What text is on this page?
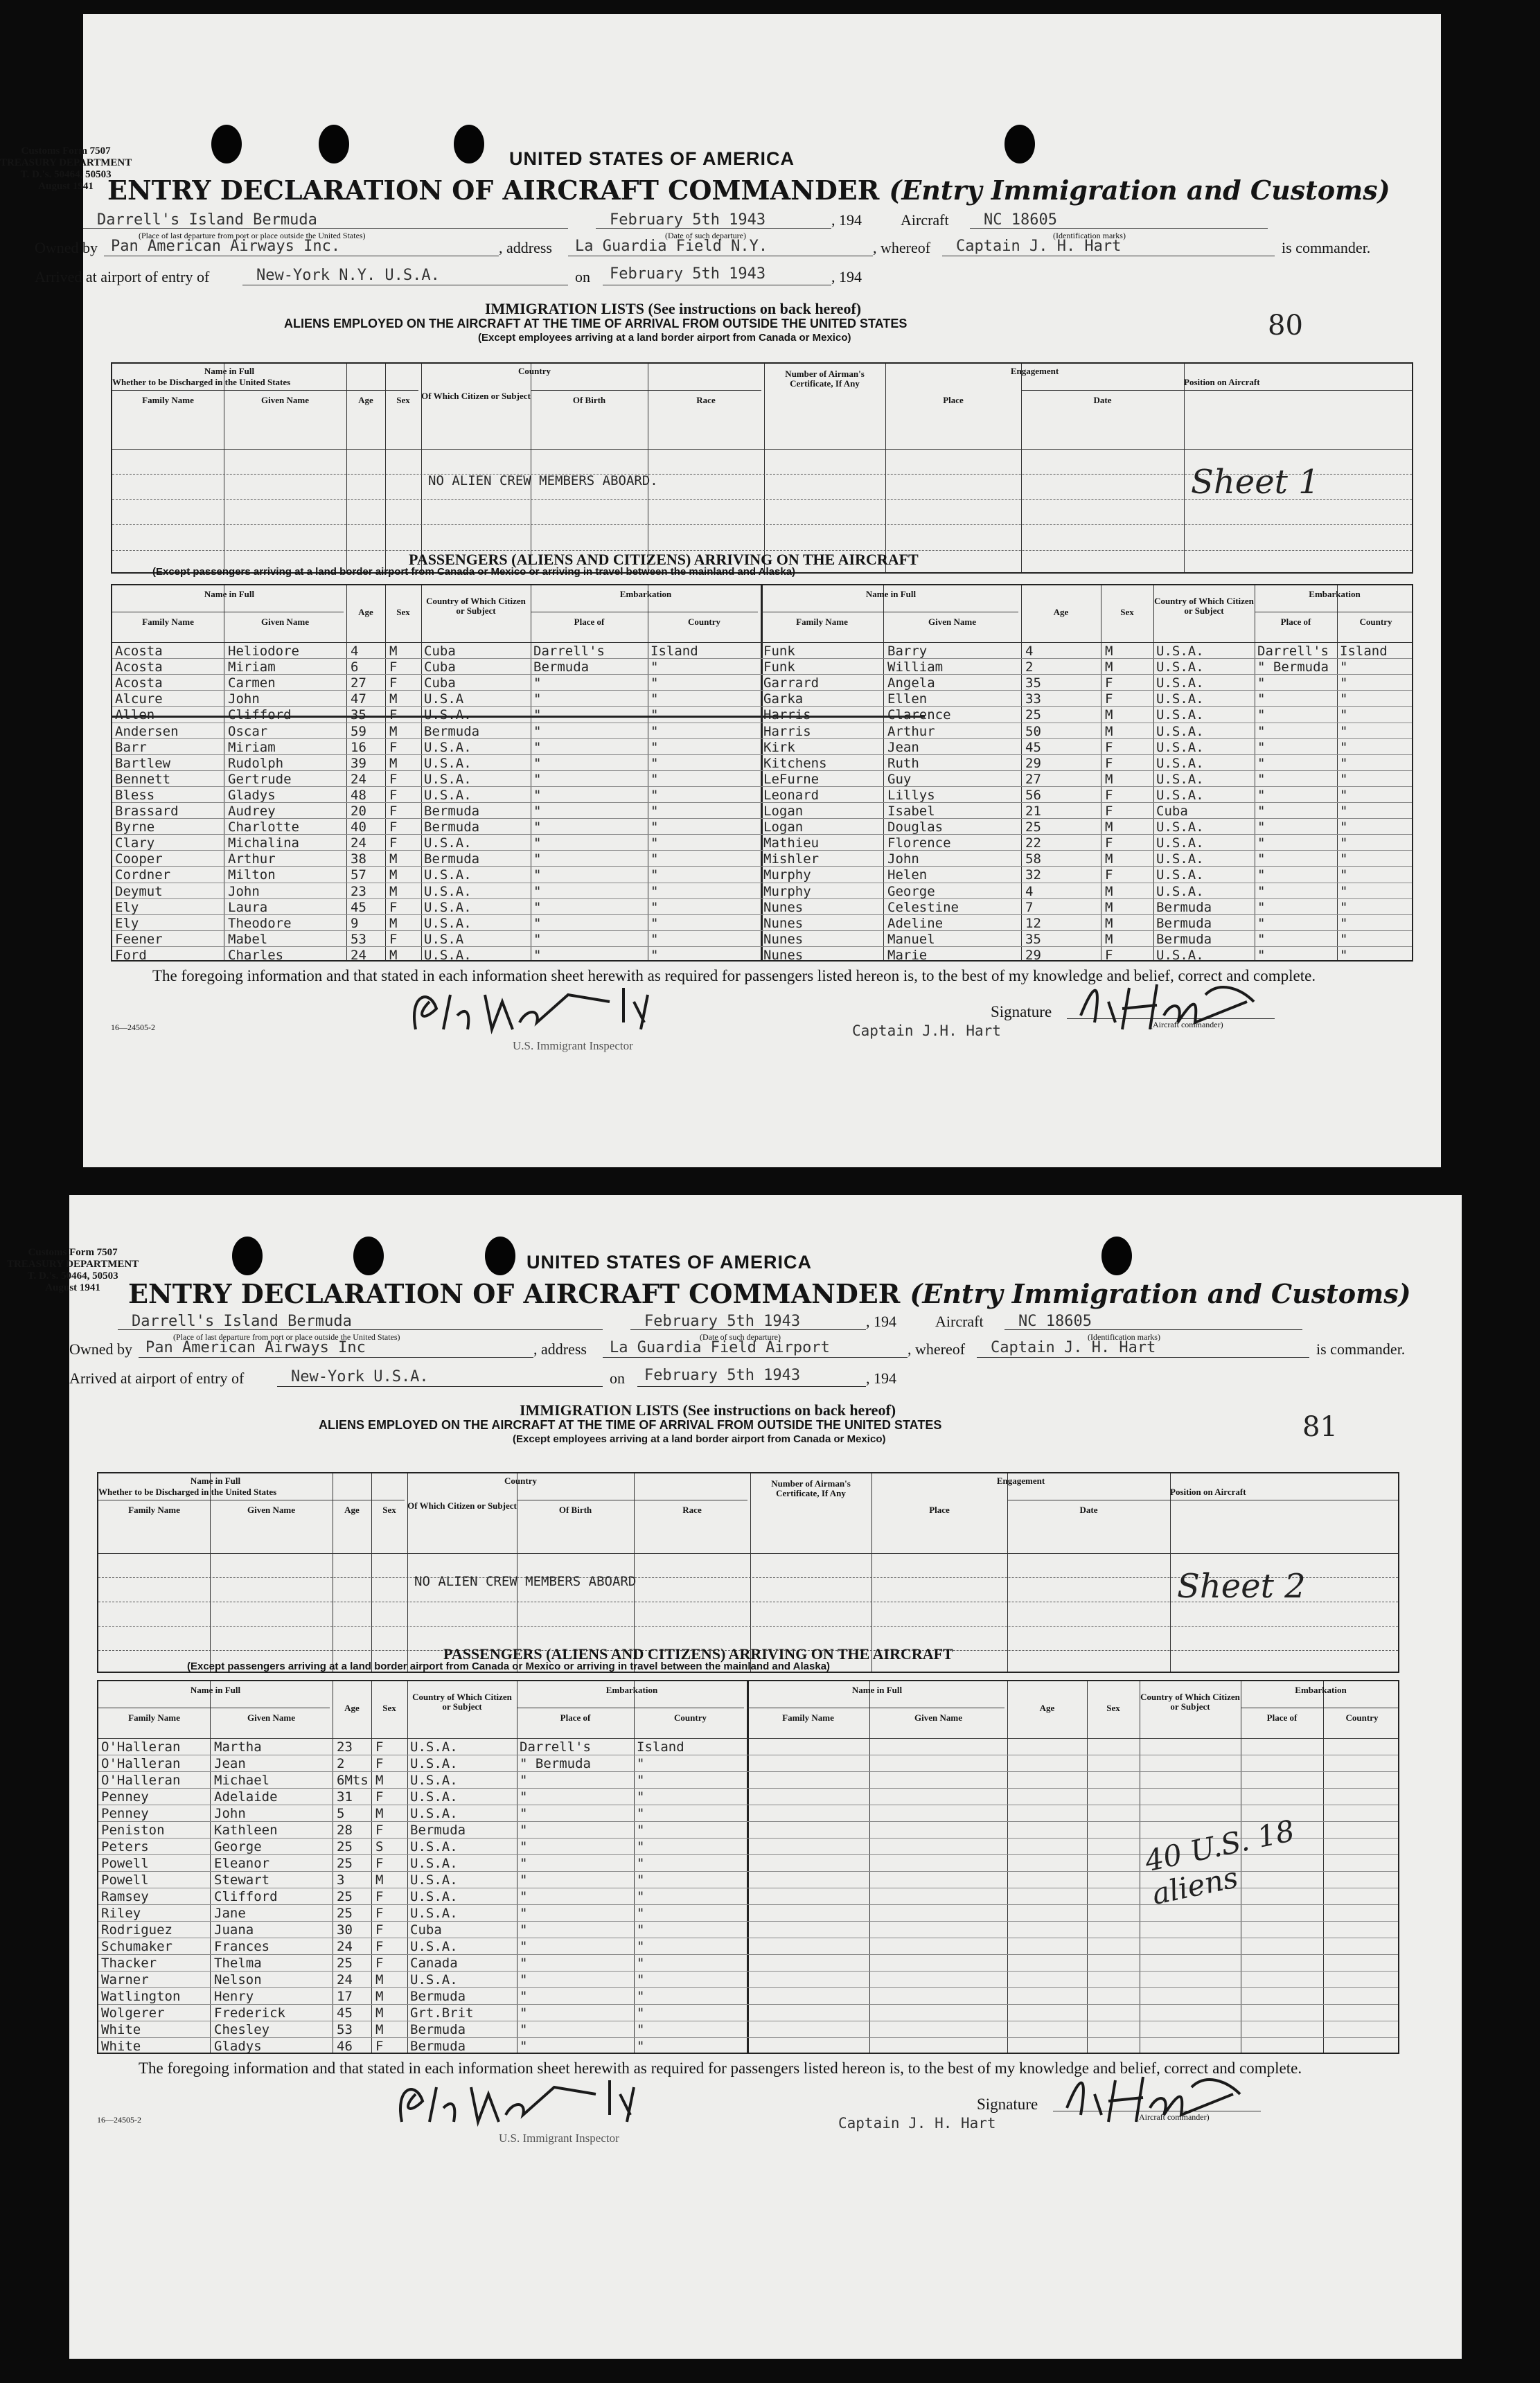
Customs Form 7507
TREASURY DEPARTMENT
T. D.'s. 50464, 50503
August 1941
UNITED STATES OF AMERICA
ENTRY DECLARATION OF AIRCRAFT COMMANDER (Entry Immigration and Customs)
Darrell's Island Bermuda
(Place of last departure from port or place outside the United States)
February 5th 1943
(Date of such departure)
, 194	Aircraft NC 18605
(Identification marks)
Owned by Pan American Airways Inc.	, address La Guardia Field N.Y.	, whereof Captain J. H. Hart	is commander.
Arrived at airport of entry of	New-York N.Y. U.S.A.	on February 5th 1943	, 194
IMMIGRATION LISTS (See instructions on back hereof)
ALIENS EMPLOYED ON THE AIRCRAFT AT THE TIME OF ARRIVAL FROM OUTSIDE THE UNITED STATES
(Except employees arriving at a land border airport from Canada or Mexico)	80
Name in Full
Family Name	Given Name	Age	Sex
Country
Of Which Citizen or Subject	Of Birth	Race
Number of Airman's Certificate, If Any
Engagement
Place	Date
Position on Aircraft
Whether to be Discharged in the United States
NO ALIEN CREW MEMBERS ABOARD.	Sheet 1
PASSENGERS (ALIENS AND CITIZENS) ARRIVING ON THE AIRCRAFT
(Except passengers arriving at a land border airport from Canada or Mexico or arriving in travel between the mainland and Alaska)
Name in Full
Family Name	Given Name
Age	Sex
Country of Which Citizen or Subject
Embarkation
Place of	Country
Name in Full
Family Name	Given Name
Age	Sex
Country of Which Citizen or Subject
Embarkation
Place of	Country
Acosta	Heliodore	4 M Cuba	Darrell's	Island
Acosta	Miriam	6 F Cuba	Bermuda	"
Acosta	Carmen	27 F Cuba	"	"
Alcure	John	47 M U.S.A	"	"
Allen	Clifford	35 F U.S.A.	"	"
Andersen	Oscar	59 M Bermuda	"	"
Barr	Miriam	16 F U.S.A.	"	"
Bartlew	Rudolph	39 M U.S.A.	"	"
Bennett	Gertrude	24 F U.S.A.	"	"
Bless	Gladys	48 F U.S.A.	"	"
Brassard	Audrey	20 F Bermuda	"	"
Byrne	Charlotte	40 F Bermuda	"	"
Clary	Michalina	24 F U.S.A.	"	"
Cooper	Arthur	38 M Bermuda	"	"
Cordner	Milton	57 M U.S.A.	"	"
Deymut	John	23 M U.S.A.	"	"
Ely	Laura	45 F U.S.A.	"	"
Ely	Theodore	9 M U.S.A.	"	"
Feener	Mabel	53 F U.S.A	"	"
Ford	Charles	24 M U.S.A.	"	"
Funk	Barry	4	M	U.S.A.	Darrell's Island
Funk	William	2	M	U.S.A.	" Bermuda "
Garrard	Angela	35	F	U.S.A.	"	"
Garka	Ellen	33	F	U.S.A.	"	"
Harris	Clarence	25	M	U.S.A.	"	"
Harris	Arthur	50	M	U.S.A.	"	"
Kirk	Jean	45	F	U.S.A.	"	"
Kitchens	Ruth	29	F	U.S.A.	"	"
LeFurne	Guy	27	M	U.S.A.	"	"
Leonard	Lillys	56	F	U.S.A.	"	"
Logan	Isabel	21	F	Cuba	"	"
Logan	Douglas	25	M	U.S.A.	"	"
Mathieu	Florence	22	F	U.S.A.	"	"
Mishler	John	58	M	U.S.A.	"	"
Murphy	Helen	32	F	U.S.A.	"	"
Murphy	George	4	M	U.S.A.	"	"
Nunes	Celestine	7	M	Bermuda	"	"
Nunes	Adeline	12	M	Bermuda	"	"
Nunes	Manuel	35	M	Bermuda	"	"
Nunes	Marie	29	F	U.S.A.	"	"
The foregoing information and that stated in each information sheet herewith as required for passengers listed hereon is, to the best of my knowledge and belief, correct and complete.
Signature
(Aircraft commander)
Captain J.H. Hart
U.S. Immigrant Inspector
16—24505-2
Customs Form 7507
TREASURY DEPARTMENT
T. D.'s. 50464, 50503
August 1941
UNITED STATES OF AMERICA
ENTRY DECLARATION OF AIRCRAFT COMMANDER (Entry Immigration and Customs)
Darrell's Island Bermuda
(Place of last departure from port or place outside the United States)
February 5th 1943
(Date of such departure)
, 194	Aircraft NC 18605
(Identification marks)
Owned by Pan American Airways Inc	, address La Guardia Field Airport	, whereof Captain J. H. Hart	is commander.
Arrived at airport of entry of	New-York U.S.A.	on February 5th 1943	, 194
IMMIGRATION LISTS (See instructions on back hereof)
ALIENS EMPLOYED ON THE AIRCRAFT AT THE TIME OF ARRIVAL FROM OUTSIDE THE UNITED STATES
(Except employees arriving at a land border airport from Canada or Mexico)	81
Name in Full
Family Name	Given Name	Age	Sex
Country
Of Which Citizen or Subject	Of Birth	Race
Number of Airman's Certificate, If Any
Engagement
Place	Date
Position on Aircraft
Whether to be Discharged in the United States
NO ALIEN CREW MEMBERS ABOARD	Sheet 2
PASSENGERS (ALIENS AND CITIZENS) ARRIVING ON THE AIRCRAFT
(Except passengers arriving at a land border airport from Canada or Mexico or arriving in travel between the mainland and Alaska)
Name in Full
Family Name	Given Name
Age	Sex
Country of Which Citizen or Subject
Embarkation
Place of	Country
Name in Full
Family Name	Given Name
Age	Sex
Country of Which Citizen or Subject
Embarkation
Place of	Country
O'Halleran	Martha	23 F U.S.A.	Darrell's	Island
O'Halleran	Jean	2 F U.S.A.	" Bermuda	"
O'Halleran	Michael	6Mts M U.S.A.	"	"
Penney	Adelaide	31 F U.S.A.	"	"
Penney	John	5 M U.S.A.	"	"
Peniston	Kathleen	28 F Bermuda	"	"
Peters	George	25 S U.S.A.	"	"
Powell	Eleanor	25 F U.S.A.	"	"
Powell	Stewart	3 M U.S.A.	"	"
Ramsey	Clifford	25 F U.S.A.	"	"
Riley	Jane	25 F U.S.A.	"	"
Rodriguez	Juana	30 F Cuba	"	"
Schumaker	Frances	24 F U.S.A.	"	"
Thacker	Thelma	25 F Canada	"	"
Warner	Nelson	24 M U.S.A.	"	"
Watlington	Henry	17 M Bermuda	"	"
Wolgerer	Frederick	45 M Grt.Brit	"	"
White	Chesley	53 M Bermuda	"	"
White	Gladys	46 F Bermuda	"	"
40 U.S. 18 aliens
The foregoing information and that stated in each information sheet herewith as required for passengers listed hereon is, to the best of my knowledge and belief, correct and complete.
Signature
(Aircraft commander)
Captain J. H. Hart
U.S. Immigrant Inspector
16—24505-2
